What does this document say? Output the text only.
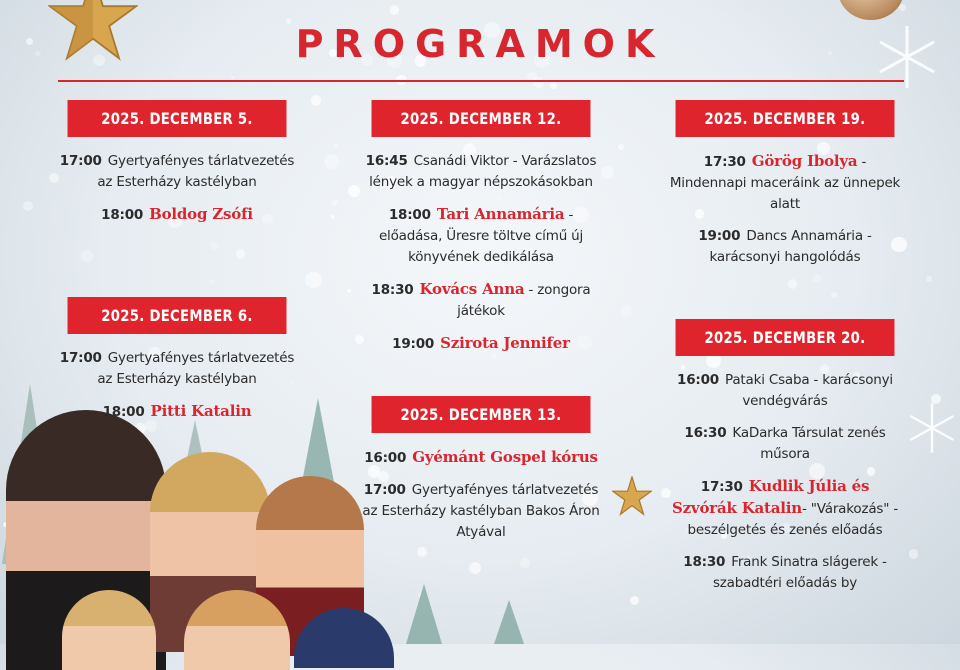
PROGRAMOK
2025. DECEMBER 5.
17:00 Gyertyafényes tárlatvezetés az Esterházy kastélyban
18:00 Boldog Zsófi
2025. DECEMBER 6.
17:00 Gyertyafényes tárlatvezetés az Esterházy kastélyban
18:00 Pitti Katalin
2025. DECEMBER 12.
16:45 Csanádi Viktor - Varázslatos lények a magyar népszokásokban
18:00 Tari Annamária - előadása, Üresre töltve című új könyvének dedikálása
18:30 Kovács Anna - zongora játékok
19:00 Szirota Jennifer
2025. DECEMBER 13.
16:00 Gyémánt Gospel kórus
17:00 Gyertyafényes tárlatvezetés az Esterházy kastélyban Bakos Áron Atyával
2025. DECEMBER 19.
17:30 Görög Ibolya - Mindennapi maceráink az ünnepek alatt
19:00 Dancs Annamária - karácsonyi hangolódás
2025. DECEMBER 20.
16:00 Pataki Csaba - karácsonyi vendégvárás
16:30 KaDarka Társulat zenés műsora
17:30 Kudlik Júlia és Szvórák Katalin- "Várakozás" - beszélgetés és zenés előadás
18:30 Frank Sinatra slágerek - szabadtéri előadás by
